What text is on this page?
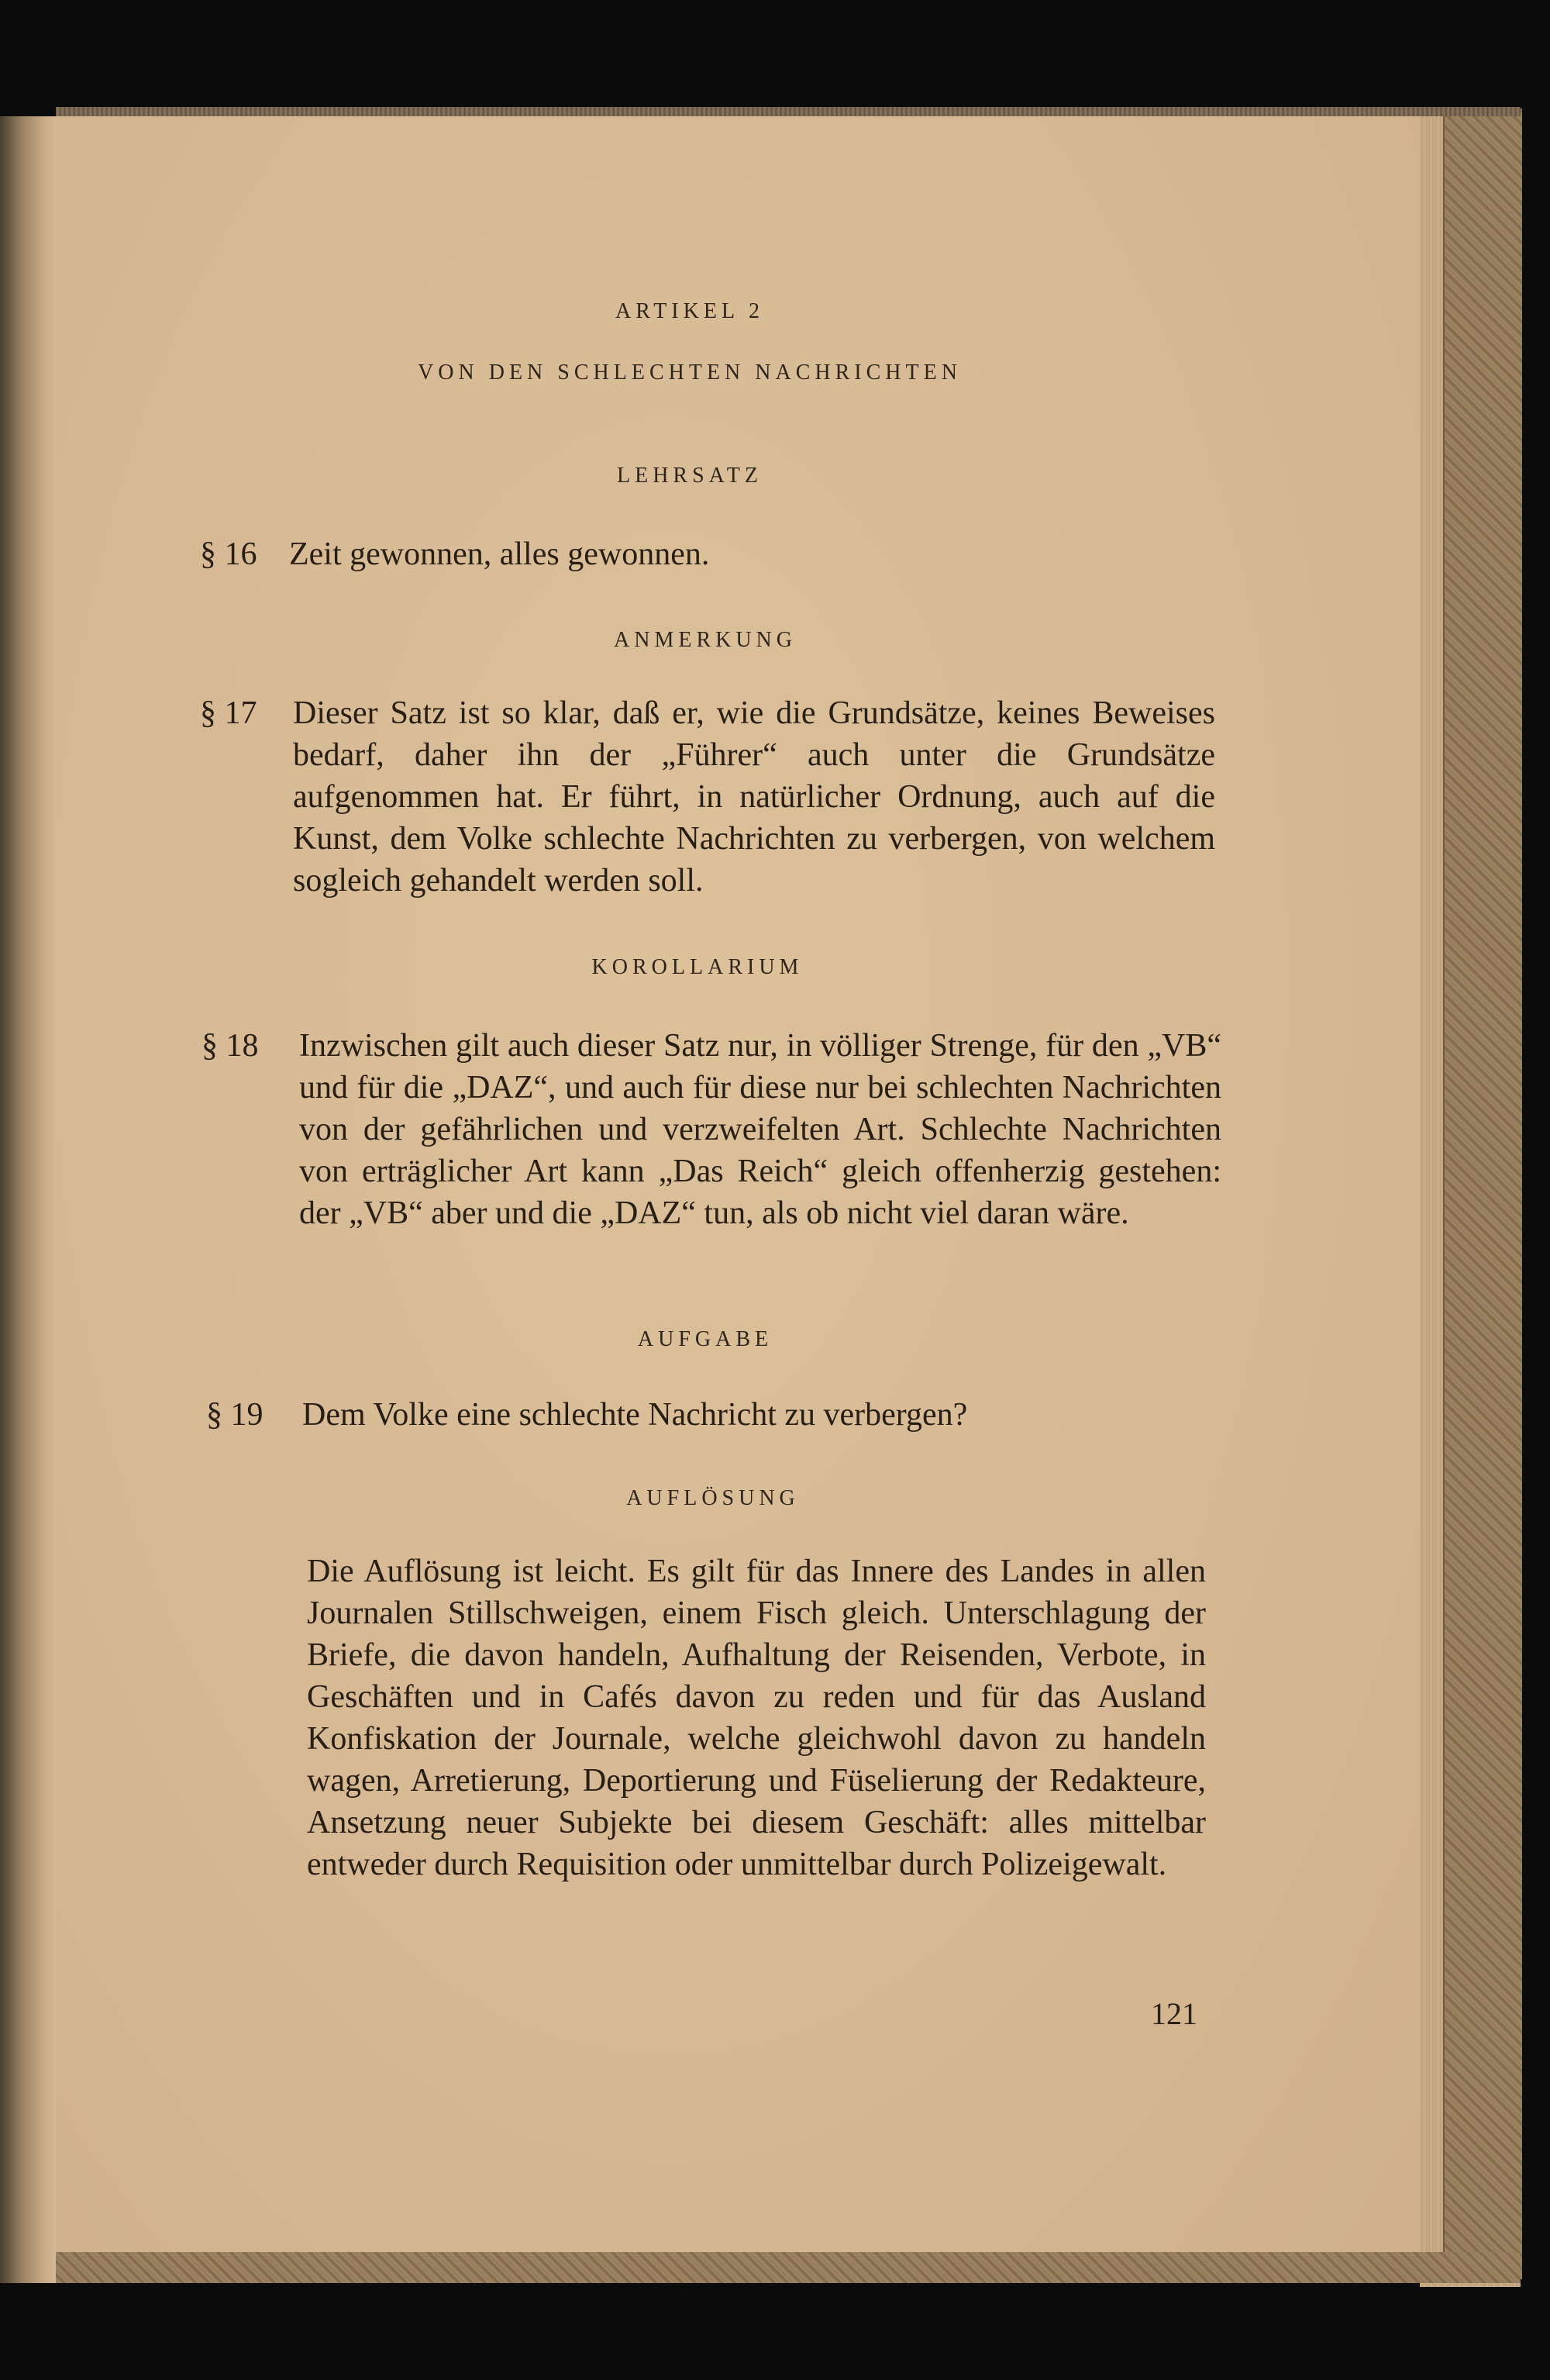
ARTIKEL 2
VON DEN SCHLECHTEN NACHRICHTEN
LEHRSATZ
§ 16 Zeit gewonnen, alles gewonnen.
ANMERKUNG
§ 17 Dieser Satz ist so klar, daß er, wie die Grundsätze, keines Beweises bedarf, daher ihn der „Führer“ auch unter die Grundsätze aufgenommen hat. Er führt, in natürlicher Ordnung, auch auf die Kunst, dem Volke schlechte Nachrichten zu verbergen, von welchem sogleich gehandelt werden soll.
KOROLLARIUM
§ 18 Inzwischen gilt auch dieser Satz nur, in völliger Strenge, für den „VB“ und für die „DAZ“, und auch für diese nur bei schlechten Nachrichten von der gefährlichen und verzweifelten Art. Schlechte Nachrichten von erträglicher Art kann „Das Reich“ gleich offenherzig gestehen: der „VB“ aber und die „DAZ“ tun, als ob nicht viel daran wäre.
AUFGABE
§ 19 Dem Volke eine schlechte Nachricht zu verbergen?
AUFLÖSUNG
Die Auflösung ist leicht. Es gilt für das Innere des Landes in allen Journalen Stillschweigen, einem Fisch gleich. Unterschlagung der Briefe, die davon handeln, Aufhaltung der Reisenden, Verbote, in Geschäften und in Cafés davon zu reden und für das Ausland Konfiskation der Journale, welche gleichwohl davon zu handeln wagen, Arretierung, Deportierung und Füselierung der Redakteure, Ansetzung neuer Subjekte bei diesem Geschäft: alles mittelbar entweder durch Requisition oder unmittelbar durch Polizeigewalt.
121
